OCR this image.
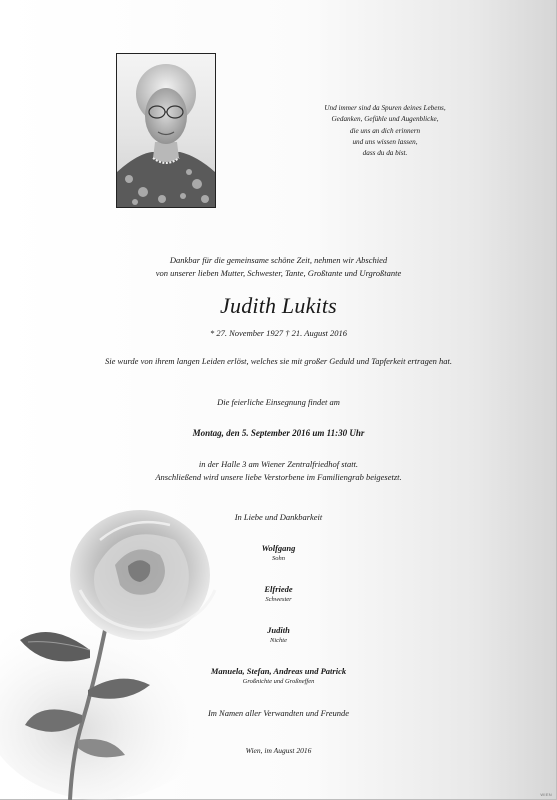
Und immer sind da Spuren deines Lebens,
Gedanken, Gefühle und Augenblicke,
die uns an dich erinnern
und uns wissen lassen,
dass du da bist.
Dankbar für die gemeinsame schöne Zeit, nehmen wir Abschied
von unserer lieben Mutter, Schwester, Tante, Großtante und Urgroßtante
Judith Lukits
* 27. November 1927 † 21. August 2016
Sie wurde von ihrem langen Leiden erlöst, welches sie mit großer Geduld und Tapferkeit ertragen hat.
Die feierliche Einsegnung findet am
Montag, den 5. September 2016 um 11:30 Uhr
in der Halle 3 am Wiener Zentralfriedhof statt.
Anschließend wird unsere liebe Verstorbene im Familiengrab beigesetzt.
In Liebe und Dankbarkeit
Wolfgang
Sohn
Elfriede
Schwester
Judith
Nichte
Manuela, Stefan, Andreas und Patrick
Großnichte und Großneffen
Im Namen aller Verwandten und Freunde
Wien, im August 2016
WIEN
